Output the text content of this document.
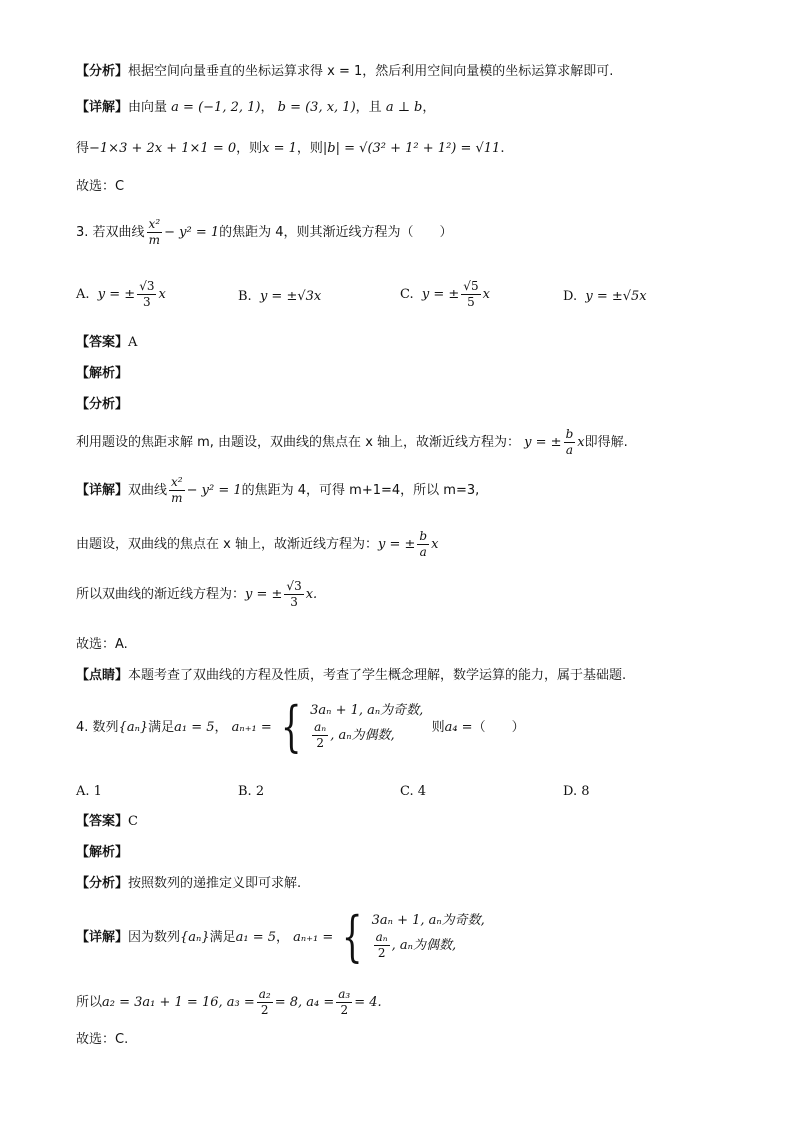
【分析】根据空间向量垂直的坐标运算求得 x = 1，然后利用空间向量模的坐标运算求解即可.
【详解】由向量 a = (−1, 2, 1)， b = (3, x, 1)，且 a ⊥ b，
得−1×3 + 2x + 1×1 = 0，则x = 1，则|b| = √(3² + 1² + 1²) = √11.
故选：C
3. 若双曲线 $\frac{\text{x²}}{m} - y^2 = 1$的焦距为 4，则其渐近线方程为（　　）
A. y = ± $\frac{√3}{3}$ x	B. y = ±√3x	C. y = ± $\frac{√5}{5}$ x	D. y = ±√5x
【答案】A
【解析】
【分析】
利用题设的焦距求解 m, 由题设，双曲线的焦点在 x 轴上，故渐近线方程为： y = ± $\frac{b}{a}$ x即得解.
【详解】双曲线 $\frac{\text{x²}}{m} - y^2 = 1$的焦距为 4，可得 m+1=4，所以 m=3,
由题设，双曲线的焦点在 x 轴上，故渐近线方程为：y = ± $\frac{b}{a}$ x
所以双曲线的渐近线方程为：y = ± $\frac{√3}{3} x$.
故选：A.
【点睛】本题考查了双曲线的方程及性质，考查了学生概念理解，数学运算的能力，属于基础题.
4. 数列 {aₙ} 满足 a₁ = 5 ，
aₙ₊₁ = { 3aₙ + 1, aₙ为奇数,
$\frac{\text{aₙ}}{2}$ , aₙ为偶数,

则 a₄ = （　　）
A. 1	B. 2	C. 4	D. 8
【答案】C
【解析】
【分析】按照数列的递推定义即可求解.
【详解】 因为数列 {aₙ} 满足 a₁ = 5 ，
aₙ₊₁ = { 3aₙ + 1, aₙ为奇数,
$\frac{\text{aₙ}}{2}$ , aₙ为偶数,
所以a₂ = 3a₁ + 1 = 16, $a_3 = \frac{\text{a₂}}{2} = 8$, $a_4 = \frac{\text{a₃}}{2} = 4$.
故选：C.
